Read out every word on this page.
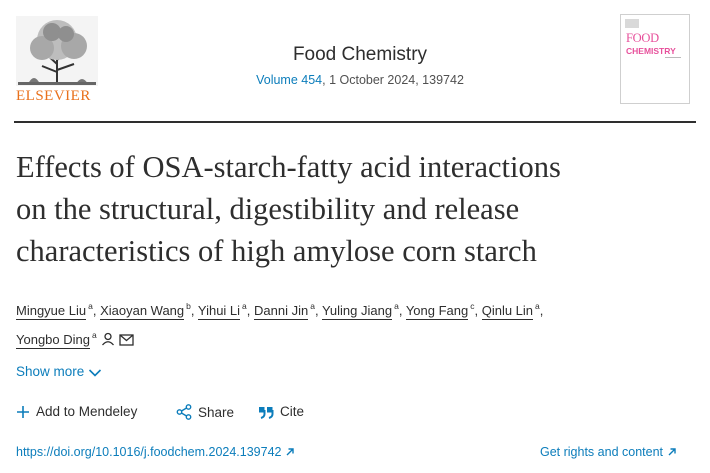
ELSEVIER
Food Chemistry
Volume 454, 1 October 2024, 139742
FOOD
CHEMISTRY
Effects of OSA-starch-fatty acid interactions
on the structural, digestibility and release
characteristics of high amylose corn starch
Mingyue Liu $^a$, Xiaoyan Wang $^b$, Yihui Li $^a$, Danni Jin $^a$, Yuling Jiang $^a$, Yong Fang $^c$, Qinlu Lin $^a$,
Yongbo Ding $^a$
Show more
Add to Mendeley	Share	Cite
https://doi.org/10.1016/j.foodchem.2024.139742	Get rights and content
